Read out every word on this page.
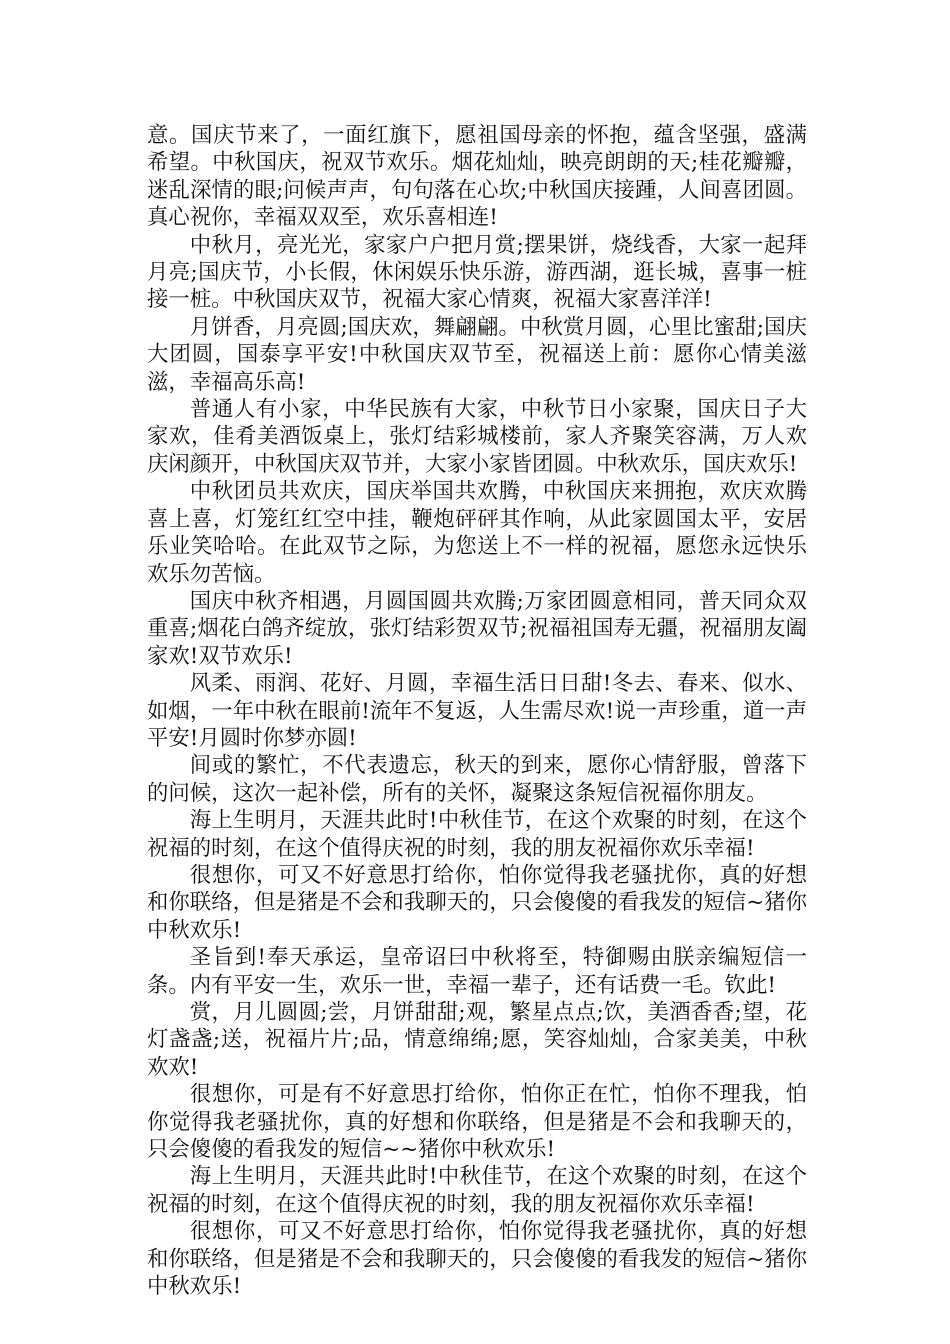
意。国庆节来了，一面红旗下，愿祖国母亲的怀抱，蕴含坚强，盛满希望。中秋国庆，祝双节欢乐。烟花灿灿，映亮朗朗的天;桂花瓣瓣，迷乱深情的眼;问候声声，句句落在心坎;中秋国庆接踵，人间喜团圆。真心祝你，幸福双双至，欢乐喜相连!

中秋月，亮光光，家家户户把月赏;摆果饼，烧线香，大家一起拜月亮;国庆节，小长假，休闲娱乐快乐游，游西湖，逛长城，喜事一桩接一桩。中秋国庆双节，祝福大家心情爽，祝福大家喜洋洋!

月饼香，月亮圆;国庆欢，舞翩翩。中秋赏月圆，心里比蜜甜;国庆大团圆，国泰享平安!中秋国庆双节至，祝福送上前：愿你心情美滋滋，幸福高乐高!

普通人有小家，中华民族有大家，中秋节日小家聚，国庆日子大家欢，佳肴美酒饭桌上，张灯结彩城楼前，家人齐聚笑容满，万人欢庆闲颜开，中秋国庆双节并，大家小家皆团圆。中秋欢乐，国庆欢乐!

中秋团员共欢庆，国庆举国共欢腾，中秋国庆来拥抱，欢庆欢腾喜上喜，灯笼红红空中挂，鞭炮砰砰其作响，从此家圆国太平，安居乐业笑哈哈。在此双节之际，为您送上不一样的祝福，愿您永远快乐欢乐勿苦恼。

国庆中秋齐相遇，月圆国圆共欢腾;万家团圆意相同，普天同众双重喜;烟花白鸽齐绽放，张灯结彩贺双节;祝福祖国寿无疆，祝福朋友阖家欢!双节欢乐!

风柔、雨润、花好、月圆，幸福生活日日甜!冬去、春来、似水、如烟，一年中秋在眼前!流年不复返，人生需尽欢!说一声珍重，道一声平安!月圆时你梦亦圆!

间或的繁忙，不代表遗忘，秋天的到来，愿你心情舒服，曾落下的问候，这次一起补偿，所有的关怀，凝聚这条短信祝福你朋友。

海上生明月，天涯共此时!中秋佳节，在这个欢聚的时刻，在这个祝福的时刻，在这个值得庆祝的时刻，我的朋友祝福你欢乐幸福!

很想你，可又不好意思打给你，怕你觉得我老骚扰你，真的好想和你联络，但是猪是不会和我聊天的，只会傻傻的看我发的短信~猪你中秋欢乐!

圣旨到!奉天承运，皇帝诏曰中秋将至，特御赐由朕亲编短信一条。内有平安一生，欢乐一世，幸福一辈子，还有话费一毛。钦此!

赏，月儿圆圆;尝，月饼甜甜;观，繁星点点;饮，美酒香香;望，花灯盏盏;送，祝福片片;品，情意绵绵;愿，笑容灿灿，合家美美，中秋欢欢!

很想你，可是有不好意思打给你，怕你正在忙，怕你不理我，怕你觉得我老骚扰你，真的好想和你联络，但是猪是不会和我聊天的，只会傻傻的看我发的短信~~猪你中秋欢乐!

海上生明月，天涯共此时!中秋佳节，在这个欢聚的时刻，在这个祝福的时刻，在这个值得庆祝的时刻，我的朋友祝福你欢乐幸福!

很想你，可又不好意思打给你，怕你觉得我老骚扰你，真的好想和你联络，但是猪是不会和我聊天的，只会傻傻的看我发的短信~猪你中秋欢乐!
